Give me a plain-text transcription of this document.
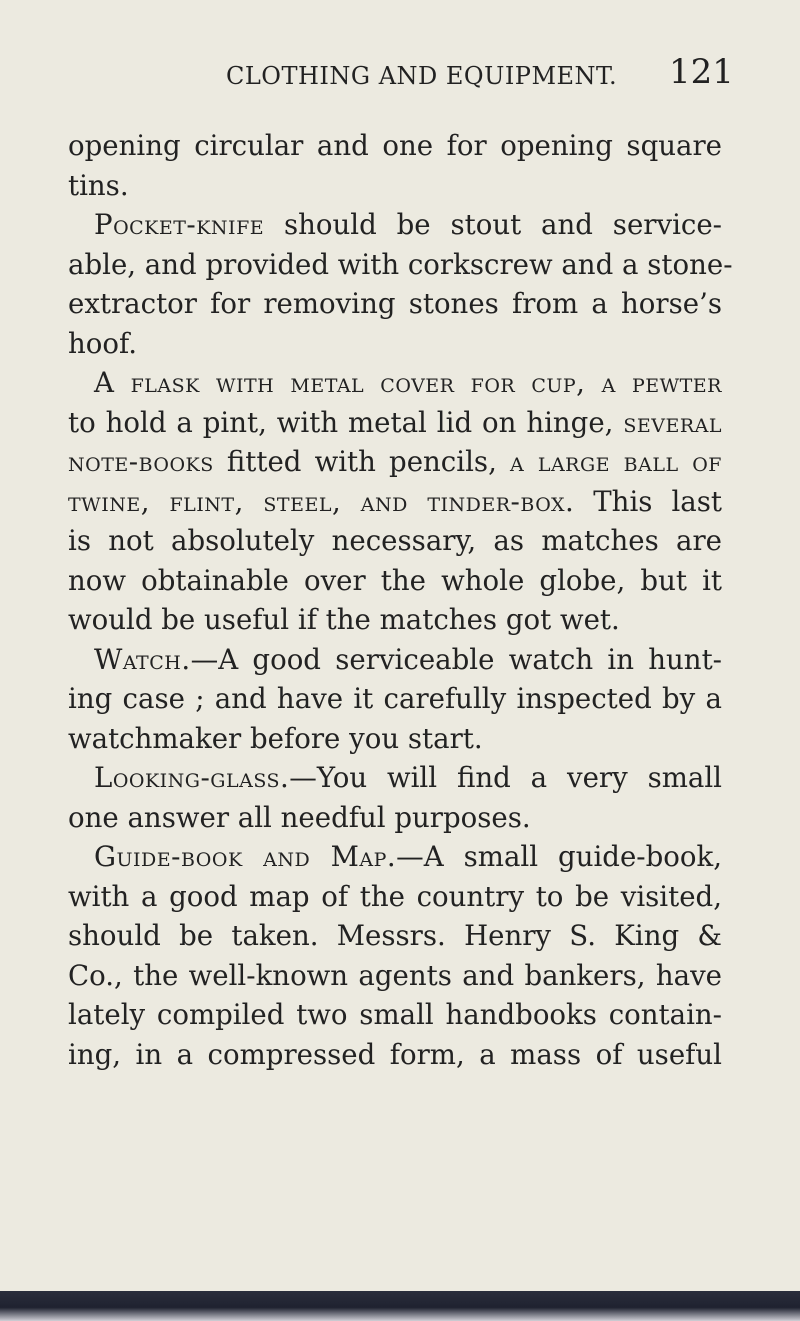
CLOTHING AND EQUIPMENT. 121
opening circular and one for opening square
tins.
Pocket-knife should be stout and service-
able, and provided with corkscrew and a stone-
extractor for removing stones from a horse’s
hoof.
A flask with metal cover for cup, a pewter
to hold a pint, with metal lid on hinge, several
note-books fitted with pencils, a large ball of
twine, flint, steel, and tinder-box. This last
is not absolutely necessary, as matches are
now obtainable over the whole globe, but it
would be useful if the matches got wet.
Watch.—A good serviceable watch in hunt-
ing case ; and have it carefully inspected by a
watchmaker before you start.
Looking-glass.—You will find a very small
one answer all needful purposes.
Guide-book and Map.—A small guide-book,
with a good map of the country to be visited,
should be taken. Messrs. Henry S. King &
Co., the well-known agents and bankers, have
lately compiled two small handbooks contain-
ing, in a compressed form, a mass of useful
